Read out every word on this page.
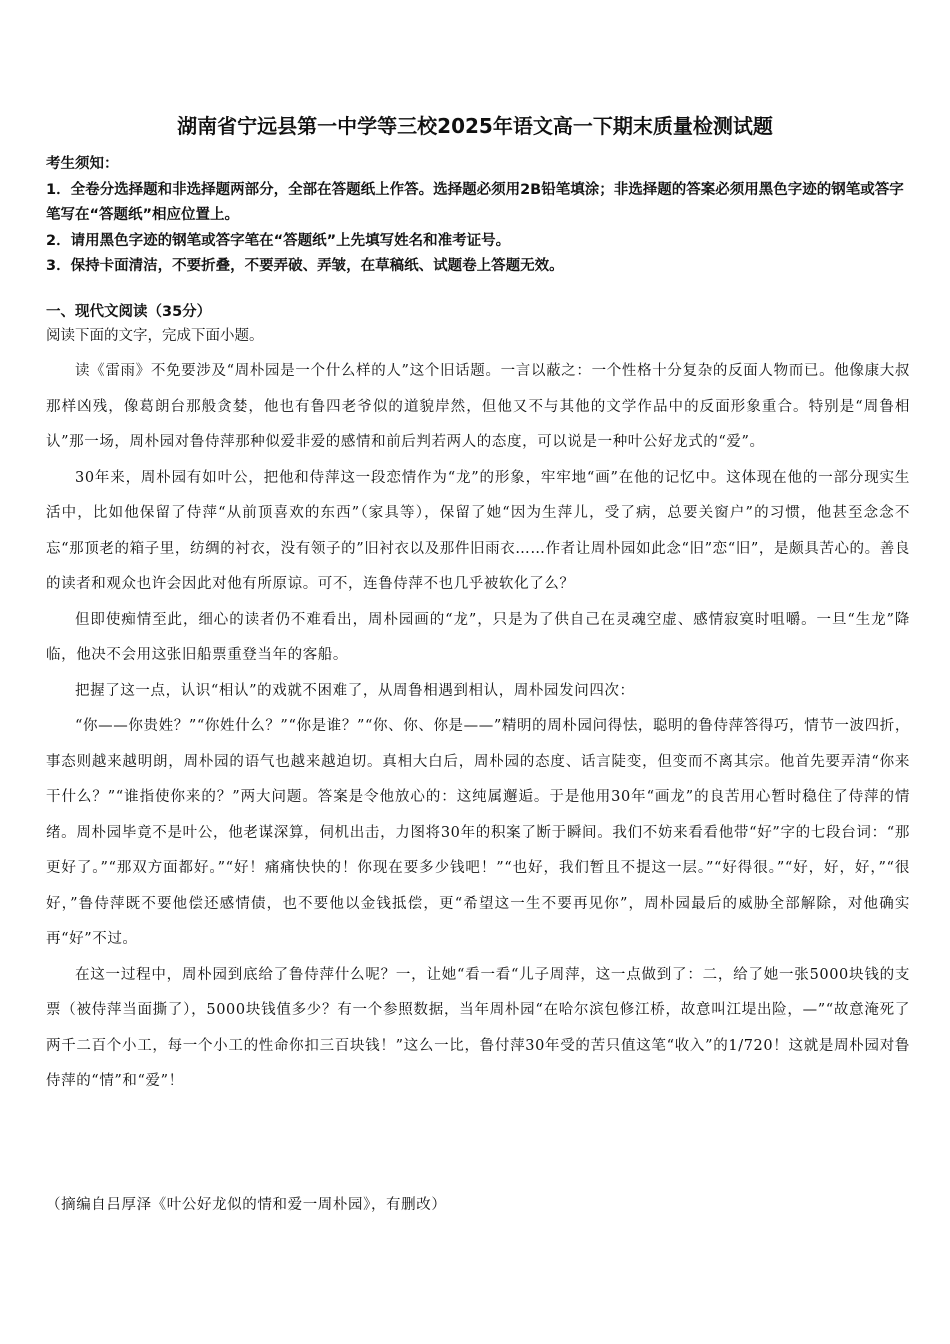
湖南省宁远县第一中学等三校2025年语文高一下期末质量检测试题
考生须知：
1．全卷分选择题和非选择题两部分，全部在答题纸上作答。选择题必须用2B铅笔填涂；非选择题的答案必须用黑色字迹的钢笔或答字笔写在“答题纸”相应位置上。
2．请用黑色字迹的钢笔或答字笔在“答题纸”上先填写姓名和准考证号。
3．保持卡面清洁，不要折叠，不要弄破、弄皱，在草稿纸、试题卷上答题无效。
一、现代文阅读（35分）
阅读下面的文字，完成下面小题。

读《雷雨》不免要涉及“周朴园是一个什么样的人”这个旧话题。一言以蔽之：一个性格十分复杂的反面人物而已。他像康大叔那样凶残，像葛朗台那般贪婪，他也有鲁四老爷似的道貌岸然，但他又不与其他的文学作品中的反面形象重合。特别是“周鲁相认”那一场，周朴园对鲁侍萍那种似爱非爱的感情和前后判若两人的态度，可以说是一种叶公好龙式的“爱”。

30年来，周朴园有如叶公，把他和侍萍这一段恋情作为“龙”的形象，牢牢地“画”在他的记忆中。这体现在他的一部分现实生活中，比如他保留了侍萍“从前顶喜欢的东西”（家具等），保留了她“因为生萍儿，受了病，总要关窗户”的习惯，他甚至念念不忘“那顶老的箱子里，纺绸的衬衣，没有领子的”旧衬衣以及那件旧雨衣……作者让周朴园如此念“旧”恋“旧”，是颇具苦心的。善良的读者和观众也许会因此对他有所原谅。可不，连鲁侍萍不也几乎被软化了么？

但即使痴情至此，细心的读者仍不难看出，周朴园画的“龙”，只是为了供自己在灵魂空虚、感情寂寞时咀嚼。一旦“生龙”降临，他决不会用这张旧船票重登当年的客船。

把握了这一点，认识“相认”的戏就不困难了，从周鲁相遇到相认，周朴园发问四次：

“你——你贵姓？”“你姓什么？”“你是谁？”“你、你、你是——”精明的周朴园问得怯，聪明的鲁侍萍答得巧，情节一波四折，事态则越来越明朗，周朴园的语气也越来越迫切。真相大白后，周朴园的态度、话言陡变，但变而不离其宗。他首先要弄清“你来干什么？”“谁指使你来的？”两大问题。答案是令他放心的：这纯属邂逅。于是他用30年“画龙”的良苦用心暂时稳住了侍萍的情绪。周朴园毕竟不是叶公，他老谋深算，伺机出击，力图将30年的积案了断于瞬间。我们不妨来看看他带“好”字的七段台词：“那更好了。”“那双方面都好。”“好！痛痛快快的！你现在要多少钱吧！”“也好，我们暂且不提这一层。”“好得很。”“好，好，好，”“很好，”鲁侍萍既不要他偿还感情债，也不要他以金钱抵偿，更“希望这一生不要再见你”，周朴园最后的威胁全部解除，对他确实再“好”不过。

在这一过程中，周朴园到底给了鲁侍萍什么呢？一，让她“看一看“儿子周萍，这一点做到了：二，给了她一张5000块钱的支票（被侍萍当面撕了），5000块钱值多少？有一个参照数据，当年周朴园“在哈尔滨包修江桥，故意叫江堤出险，—”“故意淹死了两千二百个小工，每一个小工的性命你扣三百块钱！”这么一比，鲁付萍30年受的苦只值这笔“收入”的1/720！这就是周朴园对鲁侍萍的“情”和“爱”！

（摘编自吕厚泽《叶公好龙似的情和爱一周朴园》，有删改）
